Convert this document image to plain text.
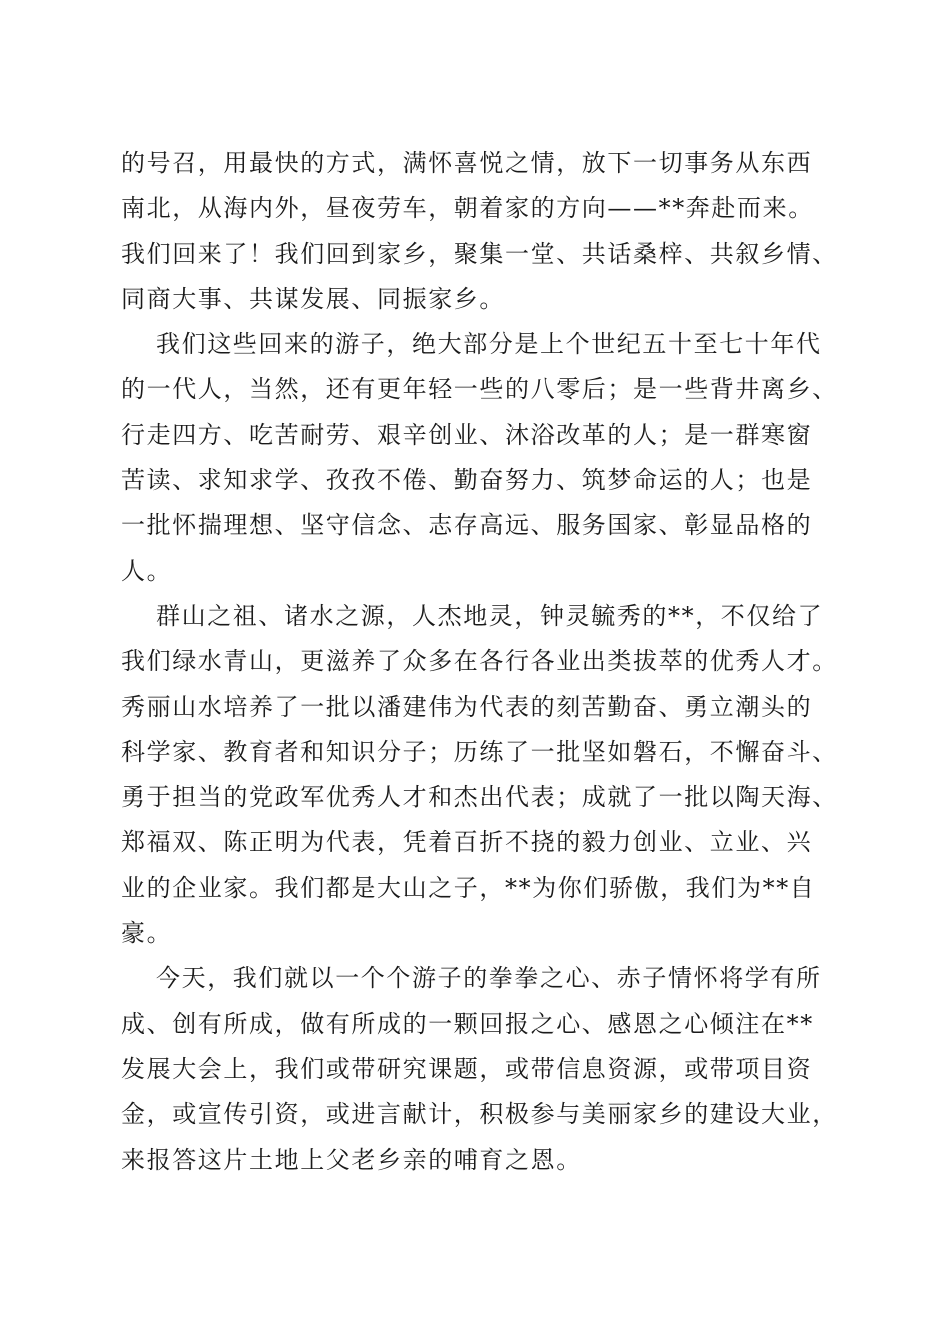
的号召，用最快的方式，满怀喜悦之情，放下一切事务从东西
南北，从海内外，昼夜劳车，朝着家的方向——**奔赴而来。
我们回来了！我们回到家乡，聚集一堂、共话桑梓、共叙乡情、
同商大事、共谋发展、同振家乡。
我们这些回来的游子，绝大部分是上个世纪五十至七十年代
的一代人，当然，还有更年轻一些的八零后；是一些背井离乡、
行走四方、吃苦耐劳、艰辛创业、沐浴改革的人；是一群寒窗
苦读、求知求学、孜孜不倦、勤奋努力、筑梦命运的人；也是
一批怀揣理想、坚守信念、志存高远、服务国家、彰显品格的
人。
群山之祖、诸水之源，人杰地灵，钟灵毓秀的**，不仅给了
我们绿水青山，更滋养了众多在各行各业出类拔萃的优秀人才。
秀丽山水培养了一批以潘建伟为代表的刻苦勤奋、勇立潮头的
科学家、教育者和知识分子；历练了一批坚如磐石，不懈奋斗、
勇于担当的党政军优秀人才和杰出代表；成就了一批以陶天海、
郑福双、陈正明为代表，凭着百折不挠的毅力创业、立业、兴
业的企业家。我们都是大山之子，**为你们骄傲，我们为**自
豪。
今天，我们就以一个个游子的拳拳之心、赤子情怀将学有所
成、创有所成，做有所成的一颗回报之心、感恩之心倾注在**
发展大会上，我们或带研究课题，或带信息资源，或带项目资
金，或宣传引资，或进言献计，积极参与美丽家乡的建设大业，
来报答这片土地上父老乡亲的哺育之恩。
